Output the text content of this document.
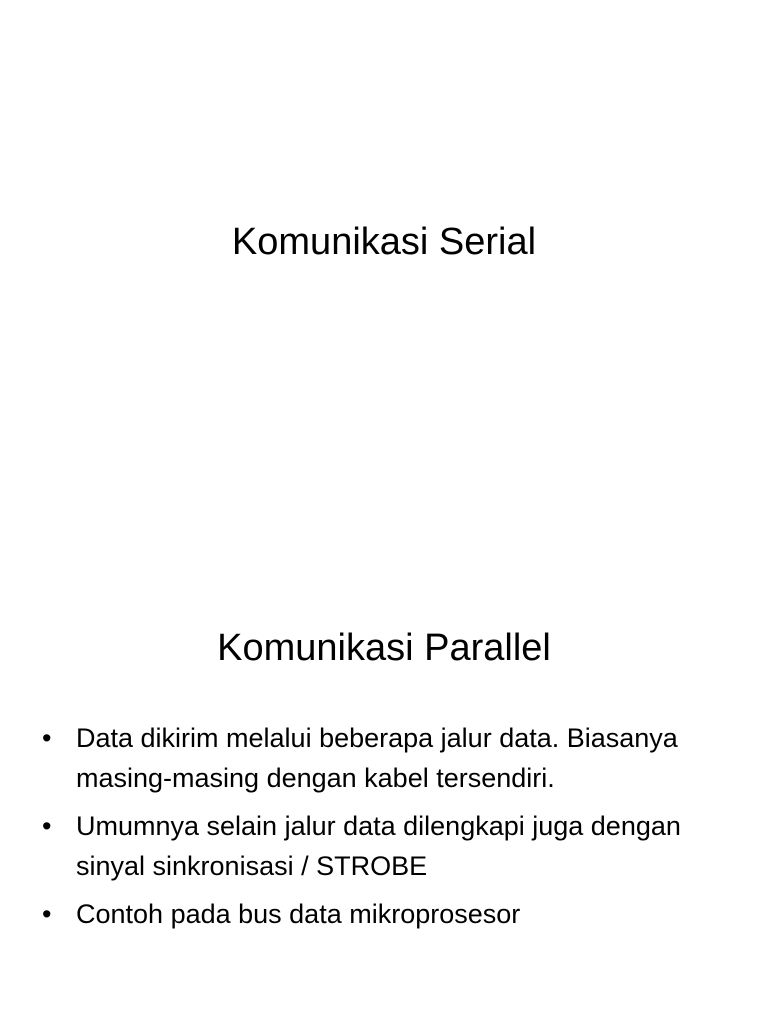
Komunikasi Serial
Komunikasi Parallel
• Data dikirim melalui beberapa jalur data. Biasanya masing-masing dengan kabel tersendiri.
• Umumnya selain jalur data dilengkapi juga dengan sinyal sinkronisasi / STROBE
• Contoh pada bus data mikroprosesor
